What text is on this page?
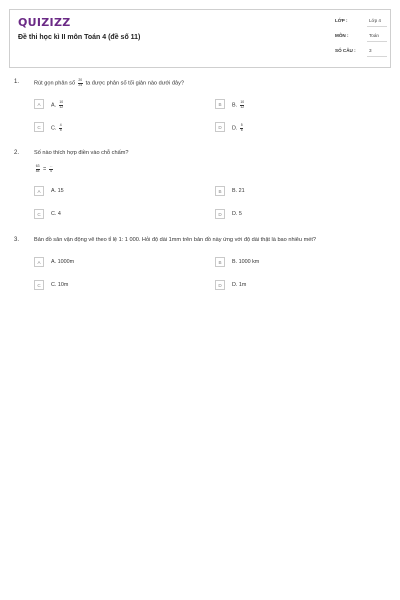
QUIZIZZ
Đề thi học kì II môn Toán 4 (đề số 11)
LỚP :	Lớp 4
MÔN :	Toán
SỐ CÂU :	3
1.	Rút gọn phân số $\frac{20}{24}$ ta được phân số tối giản nào dưới đây?
A	A. $\frac{10}{12}$	B	B. $\frac{10}{12}$
C	C. $\frac{4}{5}$	D	D. $\frac{5}{6}$
2.	Số nào thích hợp điền vào chỗ chấm?
$\frac{63}{84} = \frac{...}{4}$
A	A. 15	B	B. 21
C	C. 4	D	D. 5
3.	Bản đồ sân vận động vẽ theo tỉ lệ 1: 1 000. Hỏi độ dài 1mm trên bản đồ này ứng với độ dài thật là bao nhiêu mét?
A	A. 1000m	B	B. 1000 km
C	C. 10m	D	D. 1m
